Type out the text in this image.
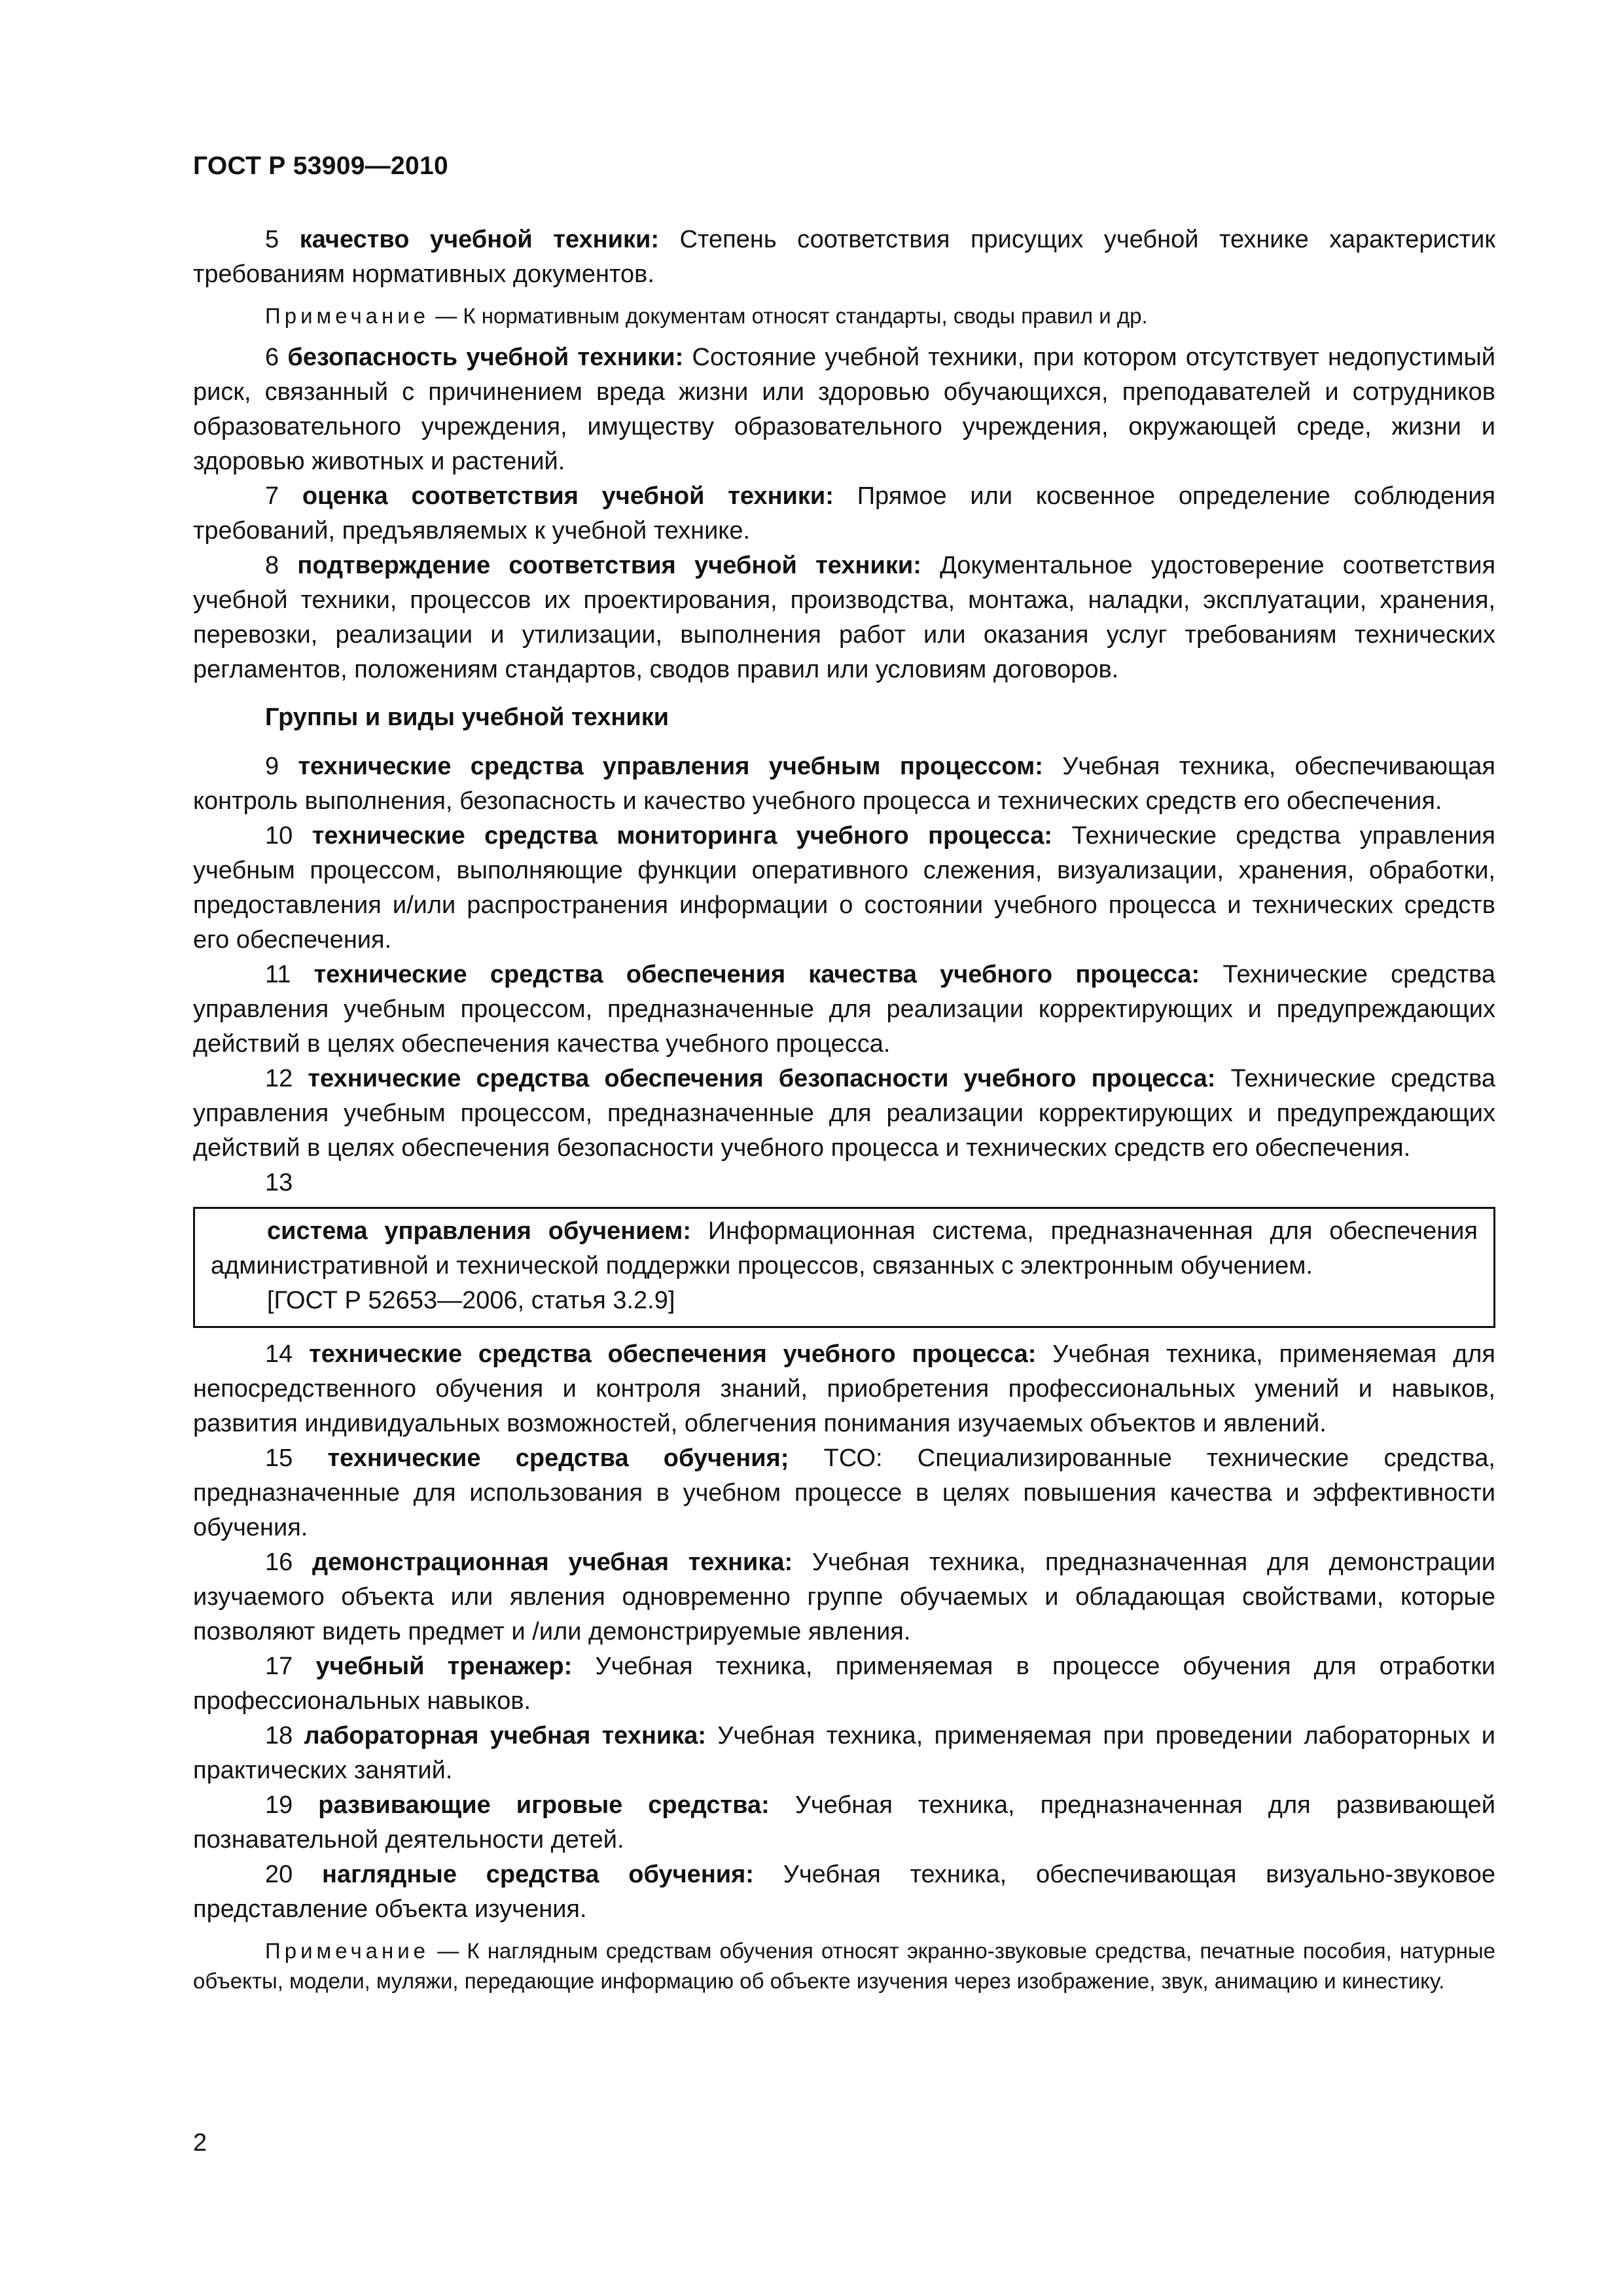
ГОСТ Р 53909—2010

5 качество учебной техники: Степень соответствия присущих учебной технике характеристик требованиям нормативных документов.

Примечание — К нормативным документам относят стандарты, своды правил и др.

6 безопасность учебной техники: Состояние учебной техники, при котором отсутствует недопустимый риск, связанный с причинением вреда жизни или здоровью обучающихся, преподавателей и сотрудников образовательного учреждения, имуществу образовательного учреждения, окружающей среде, жизни и здоровью животных и растений.

7 оценка соответствия учебной техники: Прямое или косвенное определение соблюдения требований, предъявляемых к учебной технике.

8 подтверждение соответствия учебной техники: Документальное удостоверение соответствия учебной техники, процессов их проектирования, производства, монтажа, наладки, эксплуатации, хранения, перевозки, реализации и утилизации, выполнения работ или оказания услуг требованиям технических регламентов, положениям стандартов, сводов правил или условиям договоров.

Группы и виды учебной техники

9 технические средства управления учебным процессом: Учебная техника, обеспечивающая контроль выполнения, безопасность и качество учебного процесса и технических средств его обеспечения.

10 технические средства мониторинга учебного процесса: Технические средства управления учебным процессом, выполняющие функции оперативного слежения, визуализации, хранения, обработки, предоставления и/или распространения информации о состоянии учебного процесса и технических средств его обеспечения.

11 технические средства обеспечения качества учебного процесса: Технические средства управления учебным процессом, предназначенные для реализации корректирующих и предупреждающих действий в целях обеспечения качества учебного процесса.

12 технические средства обеспечения безопасности учебного процесса: Технические средства управления учебным процессом, предназначенные для реализации корректирующих и предупреждающих действий в целях обеспечения безопасности учебного процесса и технических средств его обеспечения.

13

система управления обучением: Информационная система, предназначенная для обеспечения административной и технической поддержки процессов, связанных с электронным обучением.

[ГОСТ Р 52653—2006, статья 3.2.9]

14 технические средства обеспечения учебного процесса: Учебная техника, применяемая для непосредственного обучения и контроля знаний, приобретения профессиональных умений и навыков, развития индивидуальных возможностей, облегчения понимания изучаемых объектов и явлений.

15 технические средства обучения; ТСО: Специализированные технические средства, предназначенные для использования в учебном процессе в целях повышения качества и эффективности обучения.

16 демонстрационная учебная техника: Учебная техника, предназначенная для демонстрации изучаемого объекта или явления одновременно группе обучаемых и обладающая свойствами, которые позволяют видеть предмет и /или демонстрируемые явления.

17 учебный тренажер: Учебная техника, применяемая в процессе обучения для отработки профессиональных навыков.

18 лабораторная учебная техника: Учебная техника, применяемая при проведении лабораторных и практических занятий.

19 развивающие игровые средства: Учебная техника, предназначенная для развивающей познавательной деятельности детей.

20 наглядные средства обучения: Учебная техника, обеспечивающая визуально-звуковое представление объекта изучения.

Примечание — К наглядным средствам обучения относят экранно-звуковые средства, печатные пособия, натурные объекты, модели, муляжи, передающие информацию об объекте изучения через изображение, звук, анимацию и кинестику.

2
